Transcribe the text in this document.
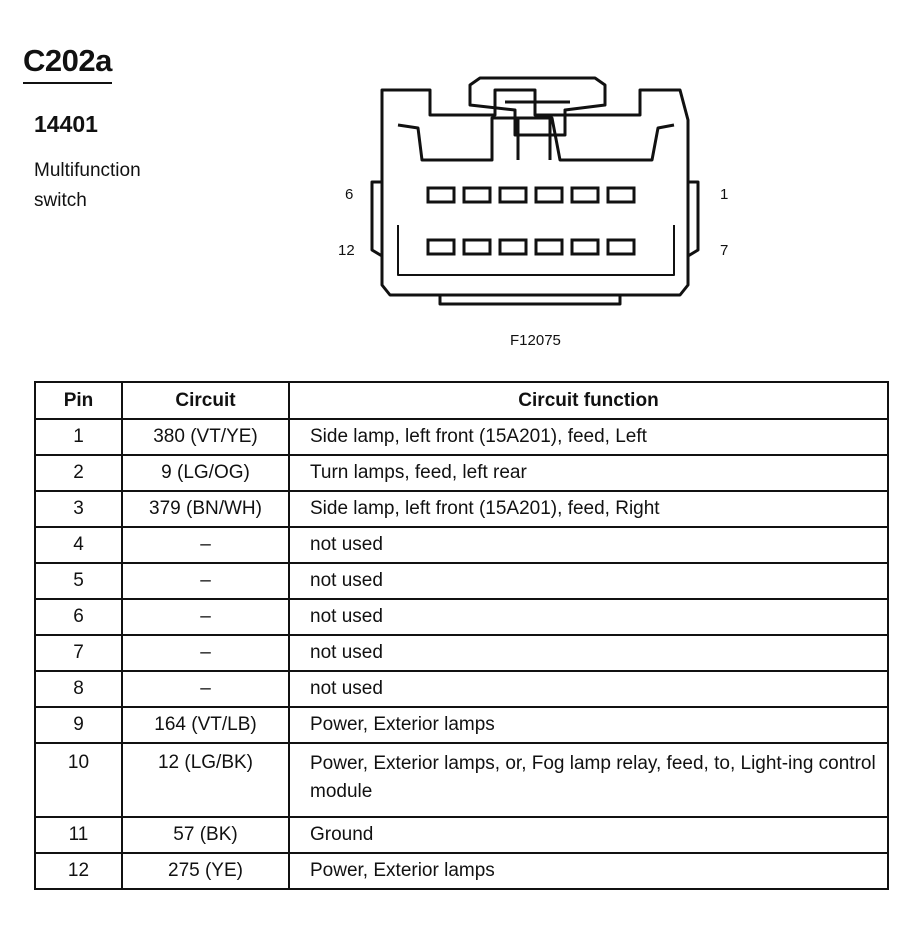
C202a
14401

Multifunction switch	6
12
1
7
F12075
Pin	Circuit	Circuit function
1	380 (VT/YE)	Side lamp, left front (15A201), feed, Left
2	9 (LG/OG)	Turn lamps, feed, left rear
3	379 (BN/WH)	Side lamp, left front (15A201), feed, Right
4	–	not used
5	–	not used
6	–	not used
7	–	not used
8	–	not used
9	164 (VT/LB)	Power, Exterior lamps
10	12 (LG/BK)	Power, Exterior lamps, or, Fog lamp relay, feed, to, Light-ing control module
11	57 (BK)	Ground
12	275 (YE)	Power, Exterior lamps
